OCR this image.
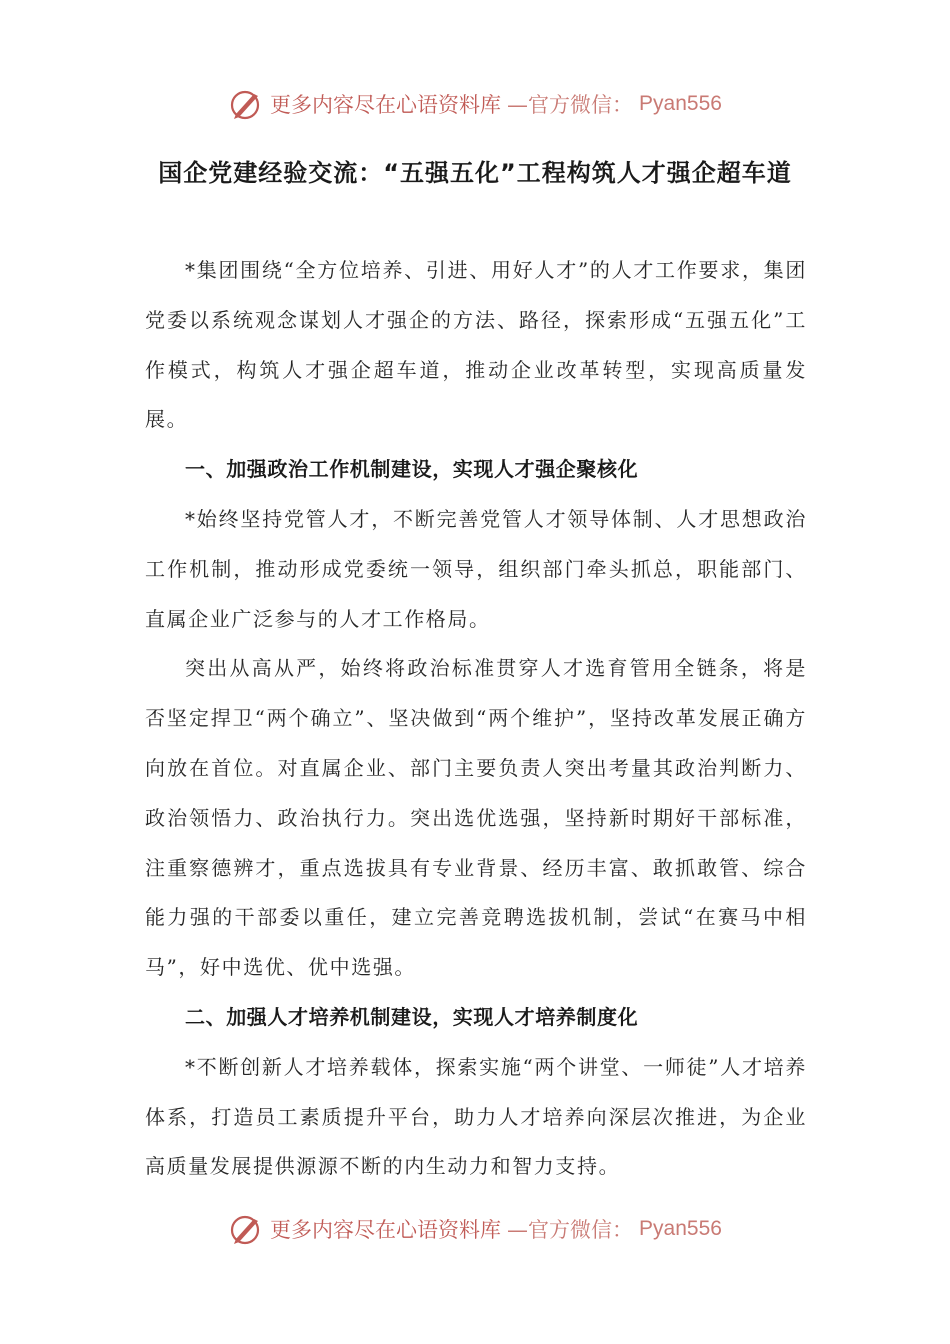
更多内容尽在心语资料库 —官方微信： Pyan556
国企党建经验交流：“五强五化”工程构筑人才强企超车道

*集团围绕“全方位培养、引进、用好人才”的人才工作要求，集团党委以系统观念谋划人才强企的方法、路径，探索形成“五强五化”工作模式，构筑人才强企超车道，推动企业改革转型，实现高质量发展。

一、加强政治工作机制建设，实现人才强企聚核化

*始终坚持党管人才，不断完善党管人才领导体制、人才思想政治工作机制，推动形成党委统一领导，组织部门牵头抓总，职能部门、直属企业广泛参与的人才工作格局。

突出从高从严，始终将政治标准贯穿人才选育管用全链条，将是否坚定捍卫“两个确立”、坚决做到“两个维护”，坚持改革发展正确方向放在首位。对直属企业、部门主要负责人突出考量其政治判断力、政治领悟力、政治执行力。突出选优选强，坚持新时期好干部标准，注重察德辨才，重点选拔具有专业背景、经历丰富、敢抓敢管、综合能力强的干部委以重任，建立完善竞聘选拔机制，尝试“在赛马中相马”，好中选优、优中选强。

二、加强人才培养机制建设，实现人才培养制度化

*不断创新人才培养载体，探索实施“两个讲堂、一师徒”人才培养体系，打造员工素质提升平台，助力人才培养向深层次推进，为企业高质量发展提供源源不断的内生动力和智力支持。

更多内容尽在心语资料库 —官方微信： Pyan556
